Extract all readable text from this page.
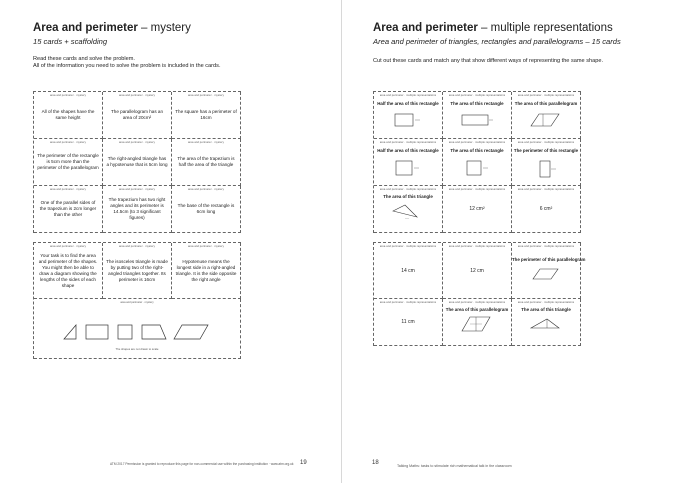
Area and perimeter – mystery
15 cards + scaffolding
Read these cards and solve the problem.
All of the information you need to solve the problem is included in the cards.
area and perimeter · mystery
All of the shapes have the same height
area and perimeter · mystery
The parallelogram has an area of 20cm²
area and perimeter · mystery
The square has a perimeter of 16cm
area and perimeter · mystery
The perimeter of the rectangle is 5cm more than the perimeter of the parallelogram
area and perimeter · mystery
The right-angled triangle has a hypotenuse that is 5cm long
area and perimeter · mystery
The area of the trapezium is half the area of the triangle
area and perimeter · mystery
One of the parallel sides of the trapezium is 2cm longer than the other
area and perimeter · mystery
The trapezium has two right angles and its perimeter is 14.5cm (to 3 significant figures)
area and perimeter · mystery
The base of the rectangle is 6cm long
area and perimeter · mystery
Your task is to find the area and perimeter of the shapes. You might then be able to draw a diagram showing the lengths of the sides of each shape
area and perimeter · mystery
The isosceles triangle is made by putting two of the right-angled triangles together. Its perimeter is 16cm
area and perimeter · mystery
Hypotenuse means the longest side in a right-angled triangle. It is the side opposite the right angle
area and perimeter · mystery
The shapes are not drawn to scale
ATM 2017 Permission is granted to reproduce this page for non-commercial use within the purchasing institution · www.atm.org.uk 19
Area and perimeter – multiple representations
Area and perimeter of triangles, rectangles and parallelograms – 15 cards
Cut out these cards and match any that show different ways of representing the same shape.
area and perimeter · multiple representations
Half the area of this rectangle
area and perimeter · multiple representations
The area of this rectangle
area and perimeter · multiple representations
The area of this parallelogram
area and perimeter · multiple representations
Half the area of this rectangle
area and perimeter · multiple representations
The area of this rectangle
area and perimeter · multiple representations
The perimeter of this rectangle
area and perimeter · multiple representations
The area of this triangle
area and perimeter · multiple representations
12 cm²
area and perimeter · multiple representations
6 cm²
area and perimeter · multiple representations
14 cm
area and perimeter · multiple representations
12 cm
area and perimeter · multiple representations
The perimeter of this parallelogram
area and perimeter · multiple representations
11 cm
area and perimeter · multiple representations
The area of this parallelogram
area and perimeter · multiple representations
The area of this triangle
18	Talking Maths: tasks to stimulate rich mathematical talk in the classroom
